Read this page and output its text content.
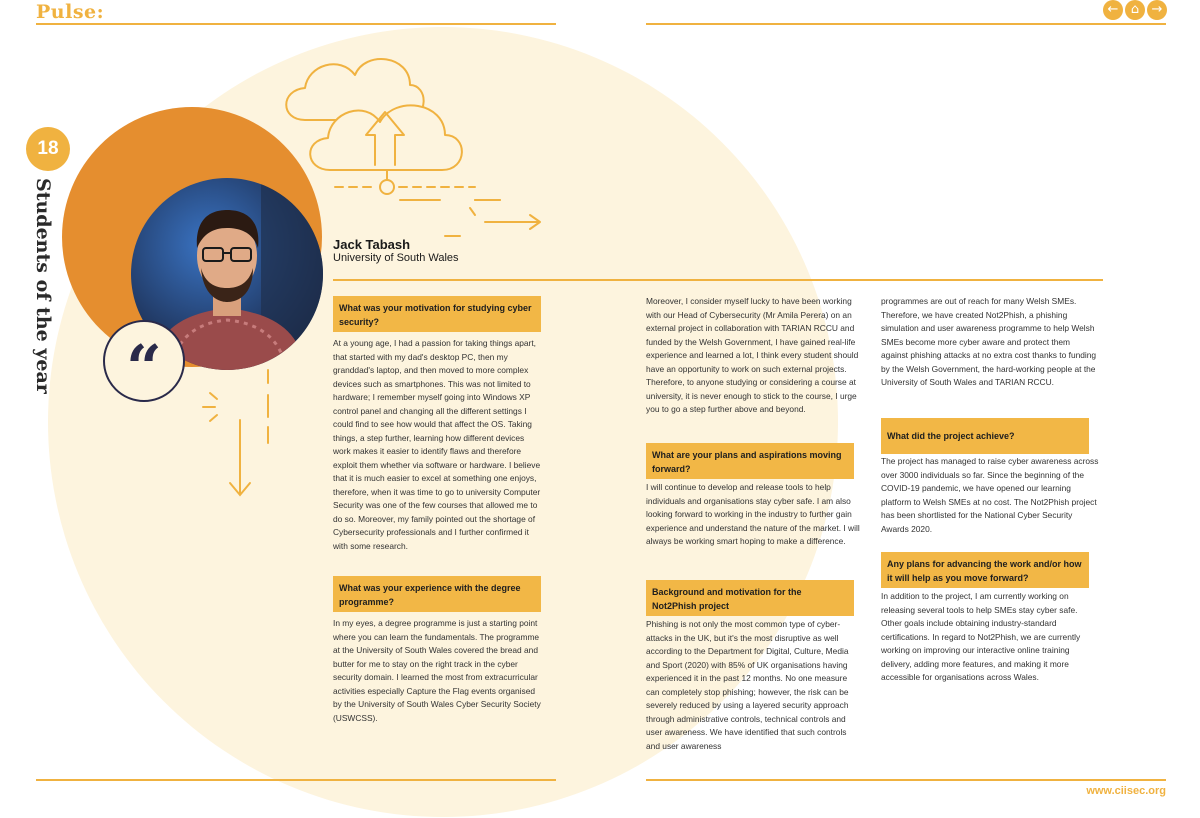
Pulse:	← ⌂ →
“
18
Students of the year	Jack Tabash
University of South Wales
What was your motivation for studying cyber security?

At a young age, I had a passion for taking things apart, that started with my dad's desktop PC, then my granddad's laptop, and then moved to more complex devices such as smartphones. This was not limited to hardware; I remember myself going into Windows XP control panel and changing all the different settings I could find to see how would that affect the OS. Taking things, a step further, learning how different devices work makes it easier to identify flaws and therefore exploit them whether via software or hardware. I believe that it is much easier to excel at something one enjoys, therefore, when it was time to go to university Computer Security was one of the few courses that allowed me to do so. Moreover, my family pointed out the shortage of Cybersecurity professionals and I further confirmed it with some research.

What was your experience with the degree programme?

In my eyes, a degree programme is just a starting point where you can learn the fundamentals. The programme at the University of South Wales covered the bread and butter for me to stay on the right track in the cyber security domain. I learned the most from extracurricular activities especially Capture the Flag events organised by the University of South Wales Cyber Security Society (USWCSS).

Moreover, I consider myself lucky to have been working with our Head of Cybersecurity (Mr Amila Perera) on an external project in collaboration with TARIAN RCCU and funded by the Welsh Government, I have gained real-life experience and learned a lot, I think every student should have an opportunity to work on such external projects. Therefore, to anyone studying or considering a course at university, it is never enough to stick to the course, I urge you to go a step further above and beyond.

What are your plans and aspirations moving forward?

I will continue to develop and release tools to help individuals and organisations stay cyber safe. I am also looking forward to working in the industry to further gain experience and understand the nature of the market. I will always be working smart hoping to make a difference.

Background and motivation for the Not2Phish project

Phishing is not only the most common type of cyber-attacks in the UK, but it's the most disruptive as well according to the Department for Digital, Culture, Media and Sport (2020) with 85% of UK organisations having experienced it in the past 12 months. No one measure can completely stop phishing; however, the risk can be severely reduced by using a layered security approach through administrative controls, technical controls and user awareness. We have identified that such controls and user awareness

programmes are out of reach for many Welsh SMEs. Therefore, we have created Not2Phish, a phishing simulation and user awareness programme to help Welsh SMEs become more cyber aware and protect them against phishing attacks at no extra cost thanks to funding by the Welsh Government, the hard-working people at the University of South Wales and TARIAN RCCU.

What did the project achieve?

The project has managed to raise cyber awareness across over 3000 individuals so far. Since the beginning of the COVID-19 pandemic, we have opened our learning platform to Welsh SMEs at no cost. The Not2Phish project has been shortlisted for the National Cyber Security Awards 2020.

Any plans for advancing the work and/or how it will help as you move forward?

In addition to the project, I am currently working on releasing several tools to help SMEs stay cyber safe. Other goals include obtaining industry-standard certifications. In regard to Not2Phish, we are currently working on improving our interactive online training delivery, adding more features, and making it more accessible for organisations across Wales.

www.ciisec.org
